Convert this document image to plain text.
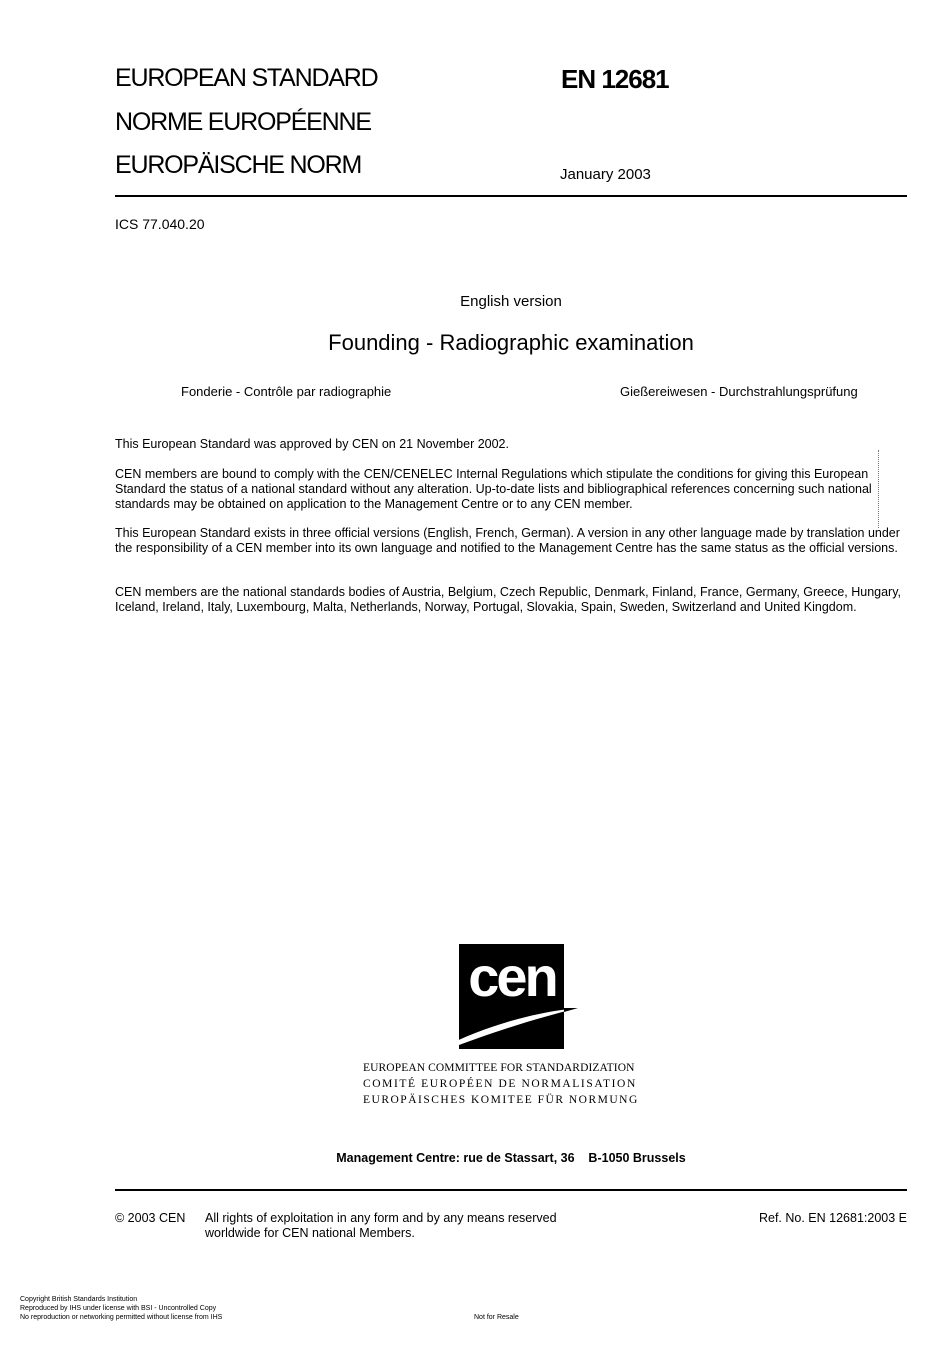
EUROPEAN STANDARD
NORME EUROPÉENNE
EUROPÄISCHE NORM
EN 12681
January 2003
ICS 77.040.20
English version
Founding - Radiographic examination
Fonderie - Contrôle par radiographie	Gießereiwesen - Durchstrahlungsprüfung
This European Standard was approved by CEN on 21 November 2002.
CEN members are bound to comply with the CEN/CENELEC Internal Regulations which stipulate the conditions for giving this European Standard the status of a national standard without any alteration. Up-to-date lists and bibliographical references concerning such national standards may be obtained on application to the Management Centre or to any CEN member.
This European Standard exists in three official versions (English, French, German). A version in any other language made by translation under the responsibility of a CEN member into its own language and notified to the Management Centre has the same status as the official versions.
CEN members are the national standards bodies of Austria, Belgium, Czech Republic, Denmark, Finland, France, Germany, Greece, Hungary, Iceland, Ireland, Italy, Luxembourg, Malta, Netherlands, Norway, Portugal, Slovakia, Spain, Sweden, Switzerland and United Kingdom.
cen
EUROPEAN COMMITTEE FOR STANDARDIZATION
COMITÉ EUROPÉEN DE NORMALISATION
EUROPÄISCHES KOMITEE FÜR NORMUNG
Management Centre: rue de Stassart, 36    B-1050 Brussels
© 2003 CEN All rights of exploitation in any form and by any means reserved worldwide for CEN national Members.
Ref. No. EN 12681:2003 E
Copyright British Standards Institution
Reproduced by IHS under license with BSI - Uncontrolled Copy
No reproduction or networking permitted without license from IHS	Not for Resale
